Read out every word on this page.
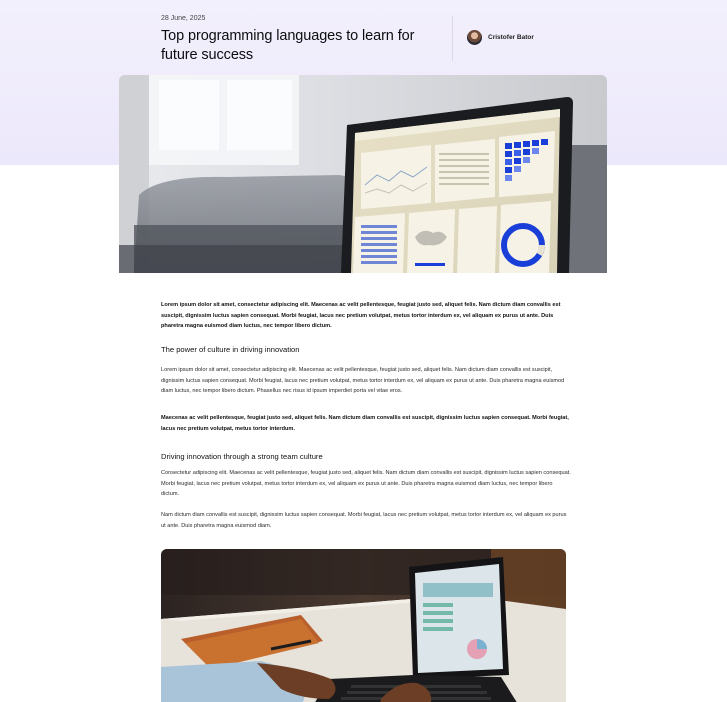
28 June, 2025
Top programming languages to learn for future success
Cristofer Bator

Lorem ipsum dolor sit amet, consectetur adipiscing elit. Maecenas ac velit pellentesque, feugiat justo sed, aliquet felis. Nam dictum diam convallis est suscipit, dignissim luctus sapien consequat. Morbi feugiat, lacus nec pretium volutpat, metus tortor interdum ex, vel aliquam ex purus ut ante. Duis pharetra magna euismod diam luctus, nec tempor libero dictum.

The power of culture in driving innovation

Lorem ipsum dolor sit amet, consectetur adipiscing elit. Maecenas ac velit pellentesque, feugiat justo sed, aliquet felis. Nam dictum diam convallis est suscipit, dignissim luctus sapien consequat. Morbi feugiat, lacus nec pretium volutpat, metus tortor interdum ex, vel aliquam ex purus ut ante. Duis pharetra magna euismod diam luctus, nec tempor libero dictum. Phasellus nec risus id ipsum imperdiet porta vel vitae eros.

Maecenas ac velit pellentesque, feugiat justo sed, aliquet felis. Nam dictum diam convallis est suscipit, dignissim luctus sapien consequat. Morbi feugiat, lacus nec pretium volutpat, metus tortor interdum.

Driving innovation through a strong team culture

Consectetur adipiscing elit. Maecenas ac velit pellentesque, feugiat justo sed, aliquet felis. Nam dictum diam convallis est suscipit, dignissim luctus sapien consequat. Morbi feugiat, lacus nec pretium volutpat, metus tortor interdum ex, vel aliquam ex purus ut ante. Duis pharetra magna euismod diam luctus, nec tempor libero dictum.

Nam dictum diam convallis est suscipit, dignissim luctus sapien consequat. Morbi feugiat, lacus nec pretium volutpat, metus tortor interdum ex, vel aliquam ex purus ut ante. Duis pharetra magna euismod diam.
